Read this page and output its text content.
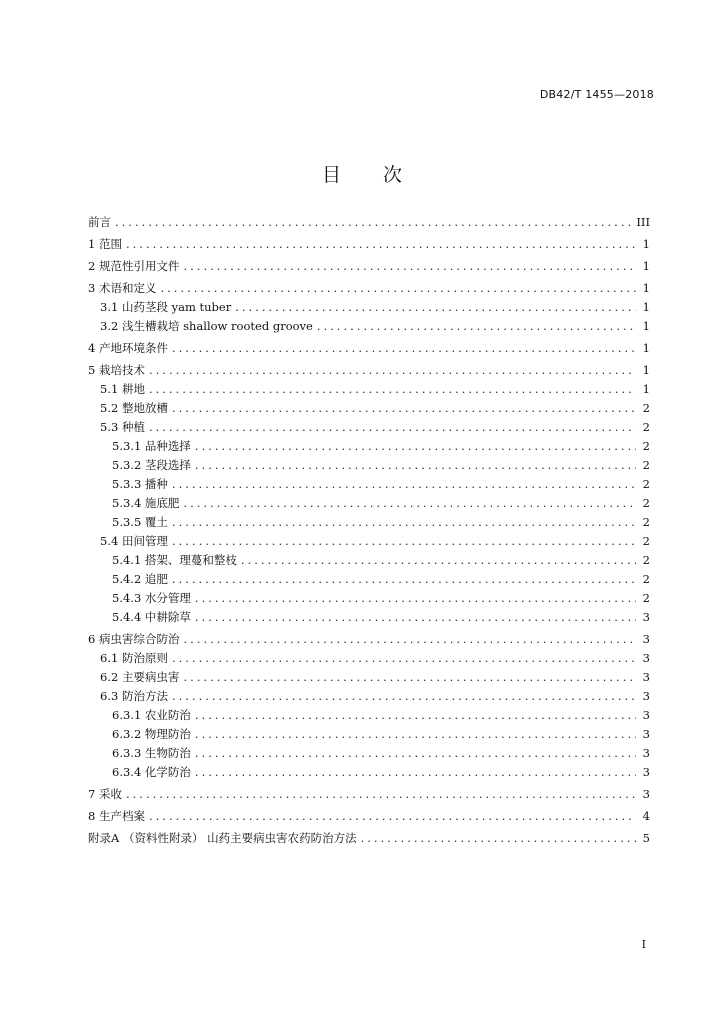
DB42/T 1455—2018
目次
前言 .....	III
1 范围 .....	1
2 规范性引用文件 .....	1
3 术语和定义 .....	1
3.1 山药茎段 yam tuber .....	1
3.2 浅生槽栽培 shallow rooted groove .....	1
4 产地环境条件 .....	1
5 栽培技术 .....	1
5.1 耕地 .....	1
5.2 整地放槽 .....	2
5.3 种植 .....	2
5.3.1 品种选择 .....	2
5.3.2 茎段选择 .....	2
5.3.3 播种 .....	2
5.3.4 施底肥 .....	2
5.3.5 覆土 .....	2
5.4 田间管理 .....	2
5.4.1 搭架、理蔓和整枝 .....	2
5.4.2 追肥 .....	2
5.4.3 水分管理 .....	2
5.4.4 中耕除草 .....	3
6 病虫害综合防治 .....	3
6.1 防治原则 .....	3
6.2 主要病虫害 .....	3
6.3 防治方法 .....	3
6.3.1 农业防治 .....	3
6.3.2 物理防治 .....	3
6.3.3 生物防治 .....	3
6.3.4 化学防治 .....	3
7 采收 .....	3
8 生产档案 .....	4
附录A （资料性附录） 山药主要病虫害农药防治方法 .....	5
I
